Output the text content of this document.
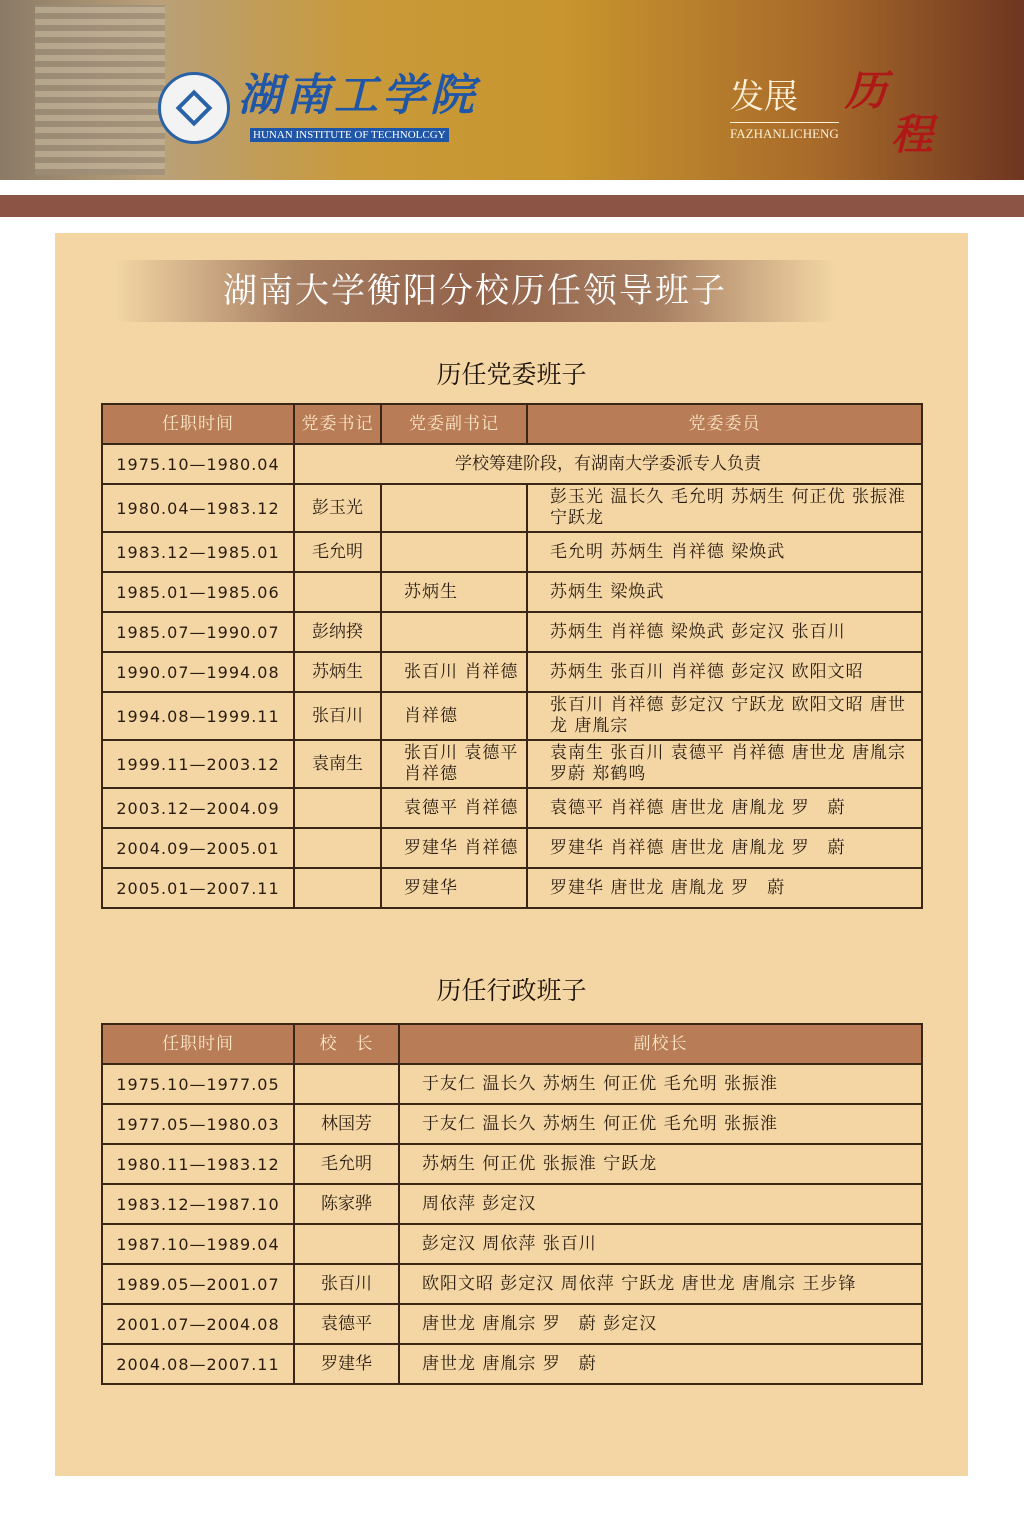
湖南工学院
HUNAN INSTITUTE OF TECHNOLCGY
发展
FAZHANLICHENG
历
程
湖南大学衡阳分校历任领导班子
历任党委班子
任职时间	党委书记	党委副书记	党委委员
1975.10—1980.04	学校筹建阶段，有湖南大学委派专人负责		
1980.04—1983.12	彭玉光		彭玉光 温长久 毛允明 苏炳生 何正优 张振淮 宁跃龙
1983.12—1985.01	毛允明		毛允明 苏炳生 肖祥德 梁焕武
1985.01—1985.06		苏炳生	苏炳生 梁焕武
1985.07—1990.07	彭纳揆		苏炳生 肖祥德 梁焕武 彭定汉 张百川
1990.07—1994.08	苏炳生	张百川 肖祥德	苏炳生 张百川 肖祥德 彭定汉 欧阳文昭
1994.08—1999.11	张百川	肖祥德	张百川 肖祥德 彭定汉 宁跃龙 欧阳文昭 唐世龙 唐胤宗
1999.11—2003.12	袁南生	张百川 袁德平 肖祥德	袁南生 张百川 袁德平 肖祥德 唐世龙 唐胤宗 罗蔚 郑鹤鸣
2003.12—2004.09		袁德平 肖祥德	袁德平 肖祥德 唐世龙 唐胤龙 罗　蔚
2004.09—2005.01		罗建华 肖祥德	罗建华 肖祥德 唐世龙 唐胤龙 罗　蔚
2005.01—2007.11		罗建华	罗建华 唐世龙 唐胤龙 罗　蔚
历任行政班子
任职时间	校　长	副校长
1975.10—1977.05		于友仁 温长久 苏炳生 何正优 毛允明 张振淮
1977.05—1980.03	林国芳	于友仁 温长久 苏炳生 何正优 毛允明 张振淮
1980.11—1983.12	毛允明	苏炳生 何正优 张振淮 宁跃龙
1983.12—1987.10	陈家骅	周依萍 彭定汉
1987.10—1989.04		彭定汉 周依萍 张百川
1989.05—2001.07	张百川	欧阳文昭 彭定汉 周依萍 宁跃龙 唐世龙 唐胤宗 王步锋
2001.07—2004.08	袁德平	唐世龙 唐胤宗 罗　蔚 彭定汉
2004.08—2007.11	罗建华	唐世龙 唐胤宗 罗　蔚
